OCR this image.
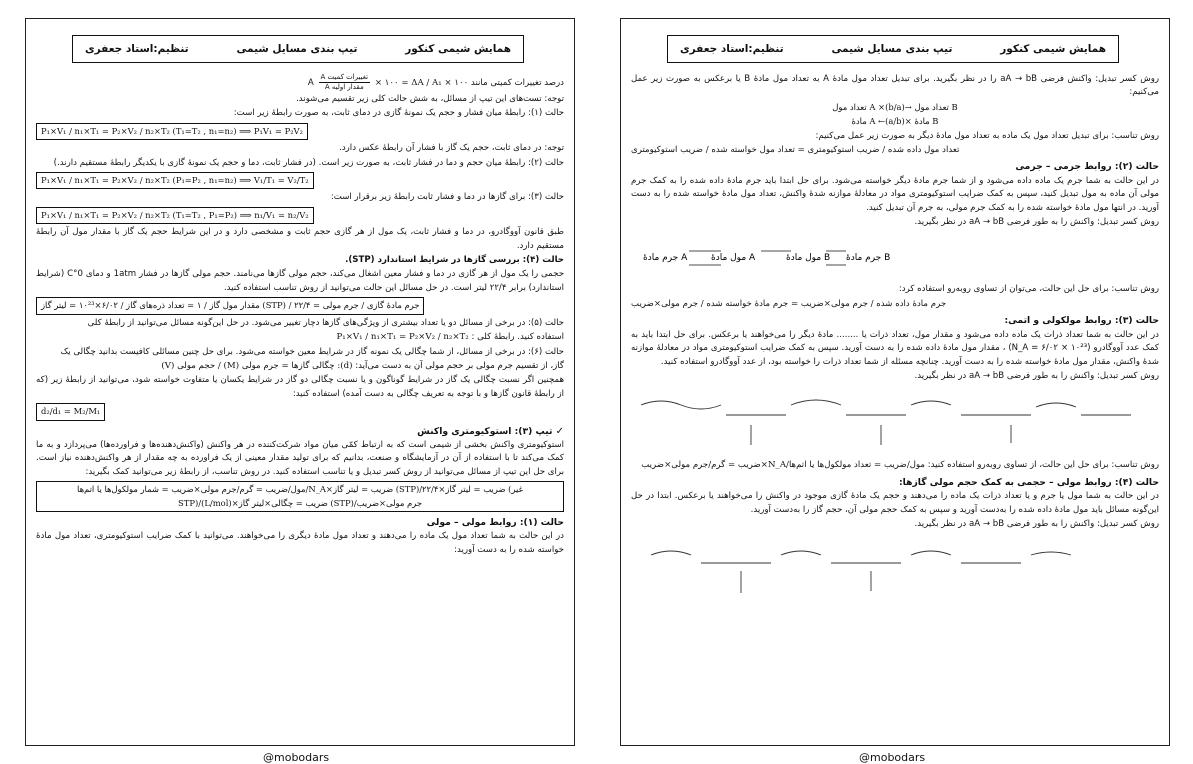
همایش شیمی کنکور
تیپ بندی مسایل شیمی
تنظیم:استاد جعفری

درصد تغییرات کمیتی مانند A
تغییرات کمیت A
مقدار اولیه A	× ۱۰۰ = ΔA / A₁ × ۱۰۰

توجه: تست‌های این تیپ از مسائل، به شش حالت کلی زیر تقسیم می‌شوند.

حالت (۱): رابطهٔ میان فشار و حجم یک نمونهٔ گازی در دمای ثابت، به صورت رابطهٔ زیر است:

P₁×V₁ / n₁×T₁ = P₂×V₂ / n₂×T₂ (T₁=T₂ , n₁=n₂) ⟹ P₁V₁ = P₂V₂

توجه: در دمای ثابت، حجم یک گاز با فشار آن رابطهٔ عکس دارد.

حالت (۲): رابطهٔ میان حجم و دما در فشار ثابت، به صورت زیر است. (در فشار ثابت، دما و حجم یک نمونهٔ گازی با یکدیگر رابطهٔ مستقیم دارند.)

P₁×V₁ / n₁×T₁ = P₂×V₂ / n₂×T₂ (P₁=P₂ , n₁=n₂) ⟹ V₁/T₁ = V₂/T₂

حالت (۳): برای گازها در دما و فشار ثابت رابطهٔ زیر برقرار است:

P₁×V₁ / n₁×T₁ = P₂×V₂ / n₂×T₂ (T₁=T₂ , P₁=P₂) ⟹ n₁/V₁ = n₂/V₂

طبق قانون آووگادرو، در دما و فشار ثابت، یک مول از هر گازی حجم ثابت و مشخصی دارد و در این شرایط حجم یک گاز با مقدار مول آن رابطهٔ مستقیم دارد.

حالت (۴): بررسی گازها در شرایط استاندارد (STP).

حجمی را یک مول از هر گازی در دما و فشار معین اشغال می‌کند، حجم مولی گازها می‌نامند. حجم مولی گازها در فشار 1atm و دمای 0°C (شرایط استاندارد) برابر ۲۲/۴ لیتر است. در حل مسائل این حالت می‌توانید از روش تناسب استفاده کنید.

مقدار مول گاز / ۱ = تعداد ذره‌های گاز / ۶/۰۲×۱۰²³ = لیتر گاز (STP) / ۲۲/۴ = جرم مادهٔ گازی / جرم مولی

حالت (۵): در برخی از مسائل دو یا تعداد بیشتری از ویژگی‌های گازها دچار تغییر می‌شود. در حل این‌گونه مسائل می‌توانید از رابطهٔ کلی

استفاده کنید. رابطهٔ کلی : P₁×V₁ / n₁×T₁ = P₂×V₂ / n₂×T₂

حالت (۶): در برخی از مسائل، از شما چگالی یک نمونه گاز در شرایط معین خواسته می‌شود. برای حل چنین مسائلی کافیست بدانید چگالی یک

گاز، از تقسیم جرم مولی بر حجم مولی آن به دست می‌آید: (d): چگالی گازها = جرم مولی (M) / حجم مولی (V)

همچنین اگر نسبت چگالی یک گاز در شرایط گوناگون و یا نسبت چگالی دو گاز در شرایط یکسان یا متفاوت خواسته شود، می‌توانید از رابطهٔ زیر (که از رابطهٔ قانون گازها و با توجه به تعریف چگالی به دست آمده) استفاده کنید:

d₂/d₁ = M₂/M₁

✓ تیپ (۳): استوکیومتری واکنش

استوکیومتری واکنش بخشی از شیمی است که به ارتباط کمّی میان مواد شرکت‌کننده در هر واکنش (واکنش‌دهنده‌ها و فراورده‌ها) می‌پردازد و به ما کمک می‌کند تا با استفاده از آن در آزمایشگاه و صنعت، بدانیم که برای تولید مقدار معینی از یک فراورده به چه مقدار از هر واکنش‌دهنده نیاز است. برای حل این تیپ از مسائل می‌توانید از روش کسر تبدیل و یا تناسب استفاده کنید. در روش تناسب، از رابطهٔ زیر می‌توانید کمک بگیرید:

مول/ضریب = گرم/جرم مولی×ضریب = شمار مولکول‌ها یا اتم‌ها/N_A×ضریب = لیتر گاز (STP)/۲۲/۴×ضریب = لیتر گاز (غیر STP)/(L/mol)×ضریب = چگالی×لیتر گاز (STP)/جرم مولی×ضریب

حالت (۱): روابط مولی – مولی

در این حالت به شما تعداد مول یک ماده را می‌دهند و تعداد مول مادهٔ دیگری را می‌خواهند. می‌توانید با کمک ضرایب استوکیومتری، تعداد مول مادهٔ خواسته شده را به دست آورید:

همایش شیمی کنکور
تیپ بندی مسایل شیمی
تنظیم:استاد جعفری

روش کسر تبدیل: واکنش فرضی aA → bB را در نظر بگیرید. برای تبدیل تعداد مول مادهٔ A به تعداد مول مادهٔ B یا برعکس به صورت زیر عمل می‌کنیم:

تعداد مول A ×(b/a)→ تعداد مول B

مادهٔ A ←(a/b)× مادهٔ B

روش تناسب: برای تبدیل تعداد مول یک ماده به تعداد مول مادهٔ دیگر به صورت زیر عمل می‌کنیم:

تعداد مول داده شده / ضریب استوکیومتری = تعداد مول خواسته شده / ضریب استوکیومتری

حالت (۲): روابط جرمی – جرمی

در این حالت به شما جرم یک ماده داده می‌شود و از شما جرم مادهٔ دیگر خواسته می‌شود. برای حل ابتدا باید جرم مادهٔ داده شده را به کمک جرم مولی آن ماده به مول تبدیل کنید، سپس به کمک ضرایب استوکیومتری مواد در معادلهٔ موازنه شدهٔ واکنش، تعداد مول مادهٔ خواسته شده را به دست آورید. در انتها مول مادهٔ خواسته شده را به کمک جرم مولی، به جرم آن تبدیل کنید.

روش کسر تبدیل: واکنش را به طور فرضی aA → bB در نظر بگیرید.

جرم مادهٔ B
مول مادهٔ B
مول مادهٔ A
جرم مادهٔ A

روش تناسب: برای حل این حالت، می‌توان از تساوی روبه‌رو استفاده کرد:

جرم مادهٔ داده شده / جرم مولی×ضریب = جرم مادهٔ خواسته شده / جرم مولی×ضریب

حالت (۳): روابط مولکولی و اتمی:

در این حالت به شما تعداد ذرات یک ماده داده می‌شود و مقدار مول، تعداد ذرات یا ........ مادهٔ دیگر را می‌خواهند یا برعکس. برای حل ابتدا باید به کمک عدد آووگادرو (N_A = ۶/۰۲ × ۱۰²³) ، مقدار مول مادهٔ داده شده را به دست آورید. سپس به کمک ضرایب استوکیومتری مواد در معادلهٔ موازنه شدهٔ واکنش، مقدار مول مادهٔ خواسته شده را به دست آورید. چنانچه مسئله از شما تعداد ذرات را خواسته بود، از عدد آووگادرو استفاده کنید.

روش کسر تبدیل: واکنش را به طور فرضی aA → bB در نظر بگیرید.

روش تناسب: برای حل این حالت، از تساوی روبه‌رو استفاده کنید: مول/ضریب = تعداد مولکول‌ها یا اتم‌ها/N_A×ضریب = گرم/جرم مولی×ضریب

حالت (۴): روابط مولی – حجمی به کمک حجم مولی گازها:

در این حالت به شما مول یا جرم و یا تعداد ذرات یک ماده را می‌دهند و حجم یک مادهٔ گازی موجود در واکنش را می‌خواهند یا برعکس. ابتدا در حل این‌گونه مسائل باید مول مادهٔ داده شده را به‌دست آورید و سپس به کمک حجم مولی آن، حجم گاز را به‌دست آورید.

روش کسر تبدیل: واکنش را به طور فرضی aA → bB در نظر بگیرید.

@mobodars	@mobodars
